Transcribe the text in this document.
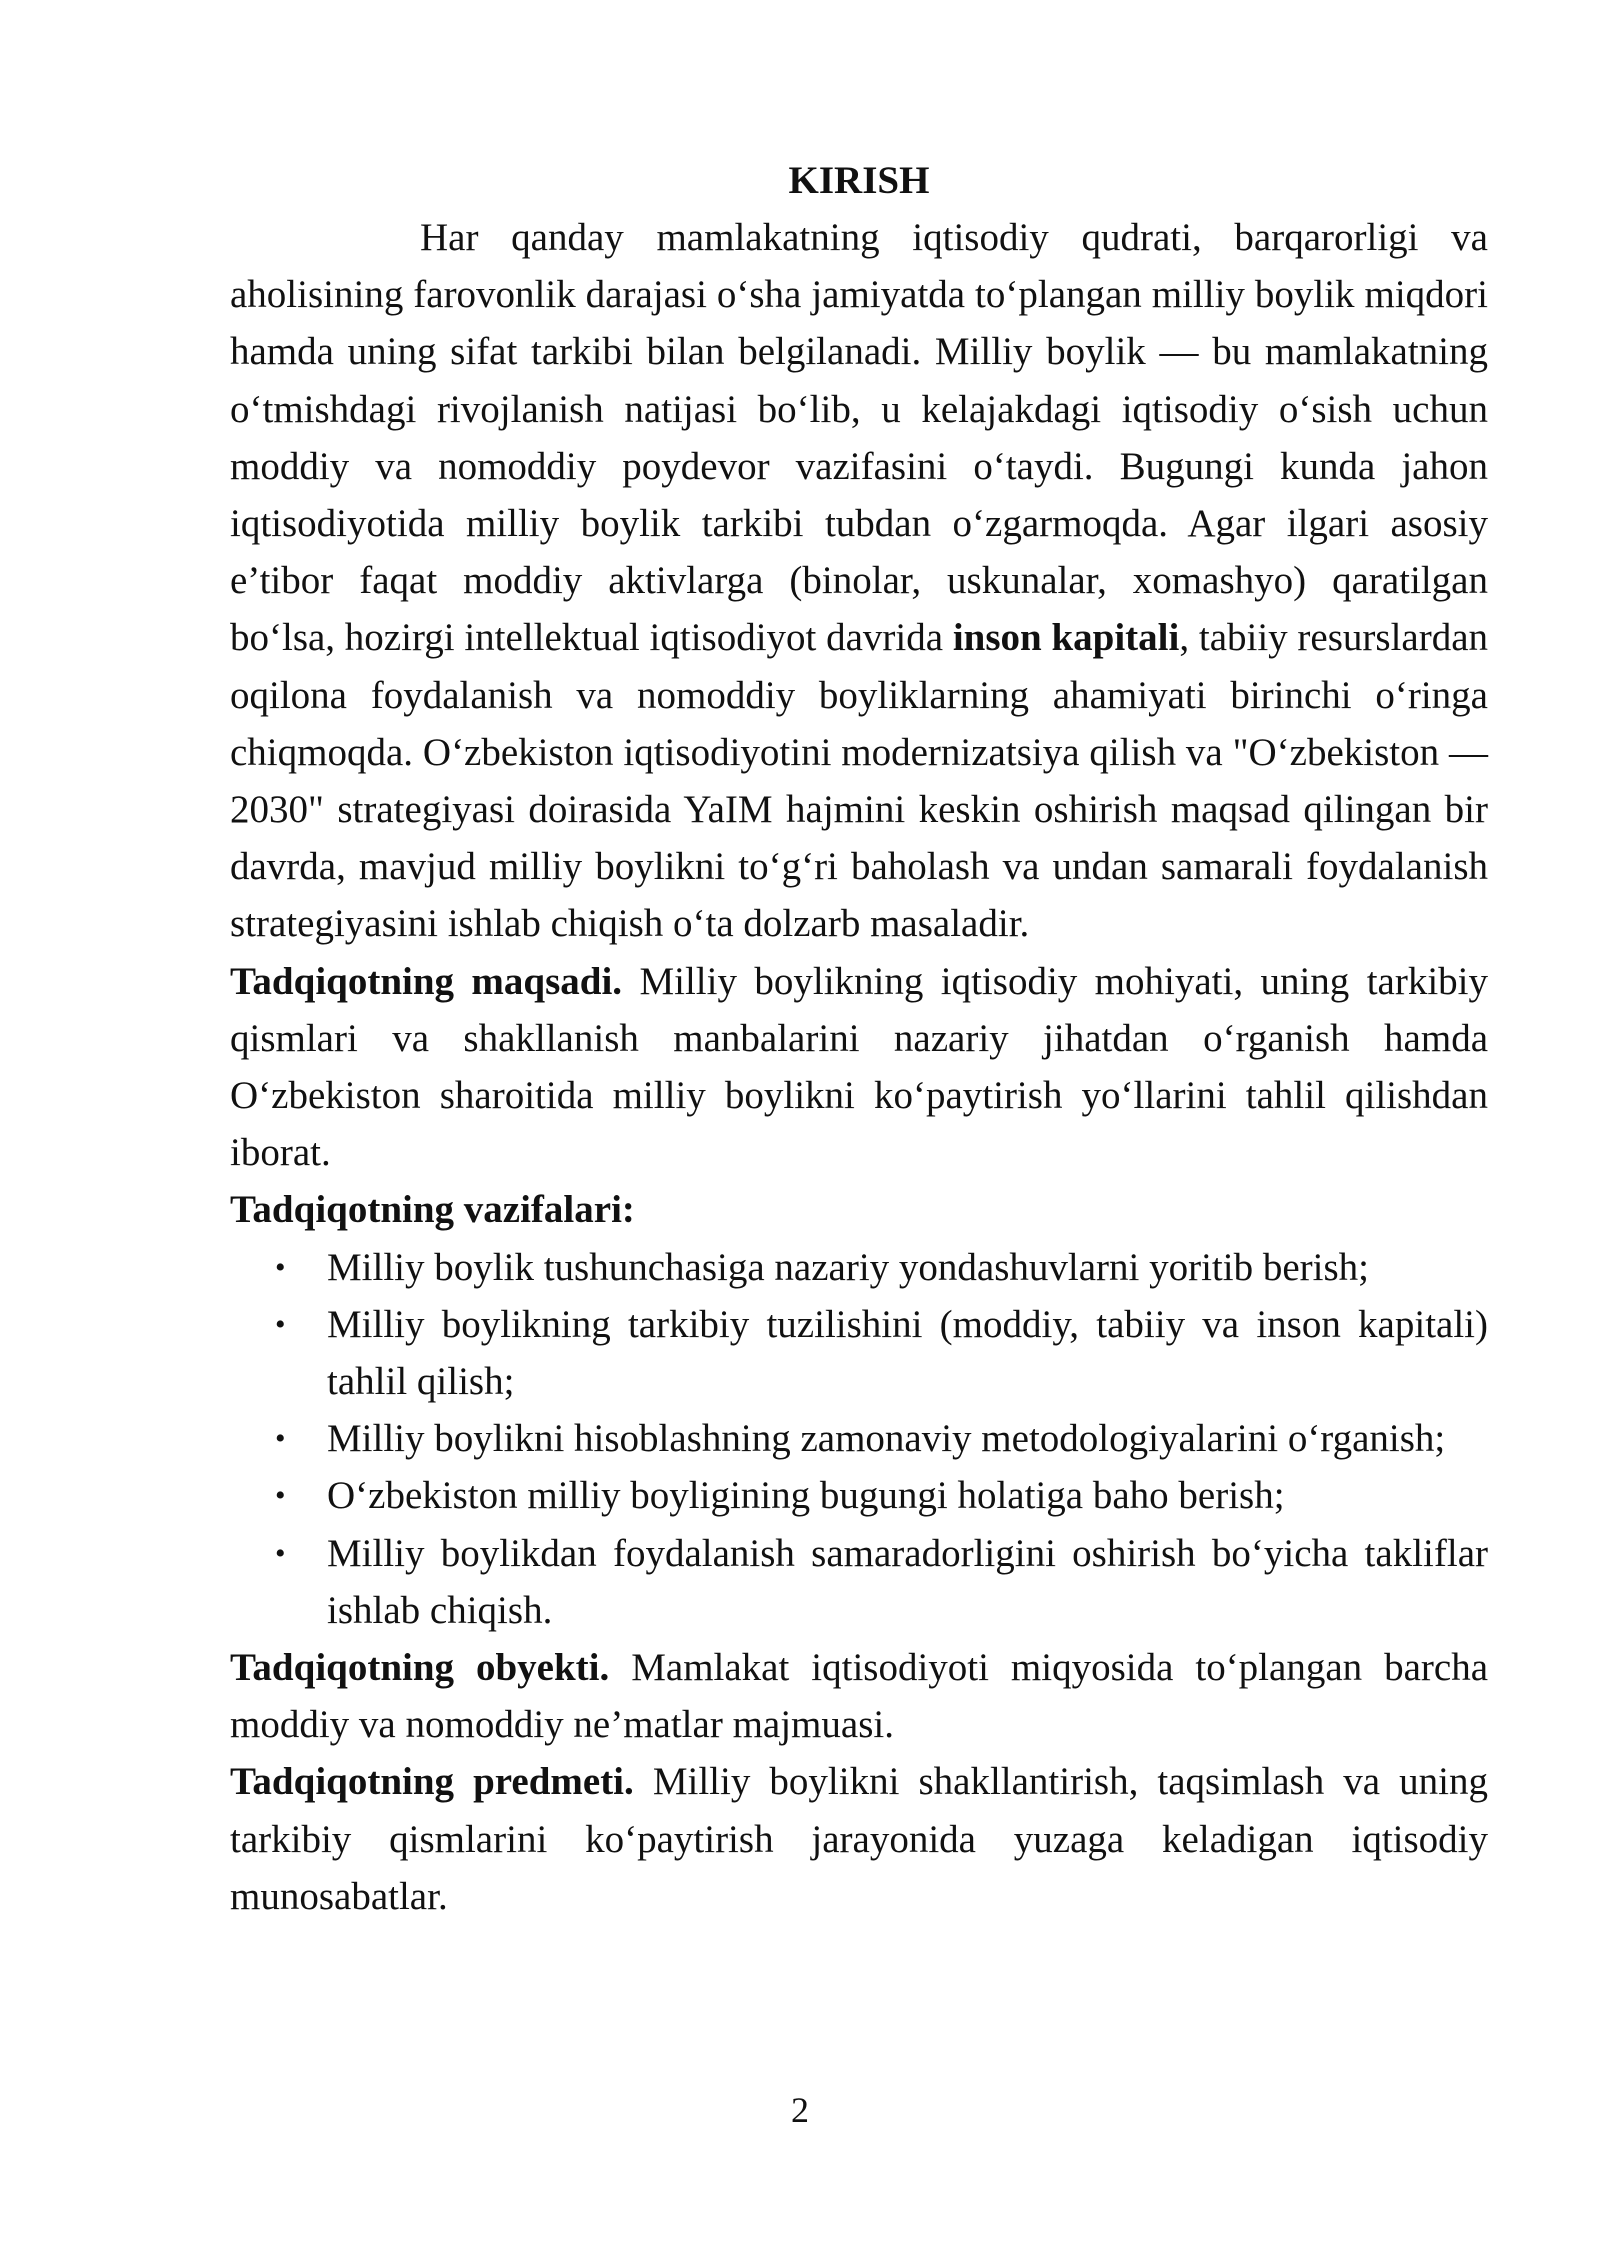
KIRISH

Har qanday mamlakatning iqtisodiy qudrati, barqarorligi va aholisining farovonlik darajasi o‘sha jamiyatda to‘plangan milliy boylik miqdori hamda uning sifat tarkibi bilan belgilanadi. Milliy boylik — bu mamlakatning o‘tmishdagi rivojlanish natijasi bo‘lib, u kelajakdagi iqtisodiy o‘sish uchun moddiy va nomoddiy poydevor vazifasini o‘taydi. Bugungi kunda jahon iqtisodiyotida milliy boylik tarkibi tubdan o‘zgarmoqda. Agar ilgari asosiy e’tibor faqat moddiy aktivlarga (binolar, uskunalar, xomashyo) qaratilgan bo‘lsa, hozirgi intellektual iqtisodiyot davrida inson kapitali, tabiiy resurslardan oqilona foydalanish va nomoddiy boyliklarning ahamiyati birinchi o‘ringa chiqmoqda. O‘zbekiston iqtisodiyotini modernizatsiya qilish va "O‘zbekiston — 2030" strategiyasi doirasida YaIM hajmini keskin oshirish maqsad qilingan bir davrda, mavjud milliy boylikni to‘g‘ri baholash va undan samarali foydalanish strategiyasini ishlab chiqish o‘ta dolzarb masaladir.

Tadqiqotning maqsadi. Milliy boylikning iqtisodiy mohiyati, uning tarkibiy qismlari va shakllanish manbalarini nazariy jihatdan o‘rganish hamda O‘zbekiston sharoitida milliy boylikni ko‘paytirish yo‘llarini tahlil qilishdan iborat.

Tadqiqotning vazifalari:

• Milliy boylik tushunchasiga nazariy yondashuvlarni yoritib berish;
• Milliy boylikning tarkibiy tuzilishini (moddiy, tabiiy va inson kapitali) tahlil qilish;
• Milliy boylikni hisoblashning zamonaviy metodologiyalarini o‘rganish;
• O‘zbekiston milliy boyligining bugungi holatiga baho berish;
• Milliy boylikdan foydalanish samaradorligini oshirish bo‘yicha takliflar ishlab chiqish.

Tadqiqotning obyekti. Mamlakat iqtisodiyoti miqyosida to‘plangan barcha moddiy va nomoddiy ne’matlar majmuasi.

Tadqiqotning predmeti. Milliy boylikni shakllantirish, taqsimlash va uning tarkibiy qismlarini ko‘paytirish jarayonida yuzaga keladigan iqtisodiy munosabatlar.

2
